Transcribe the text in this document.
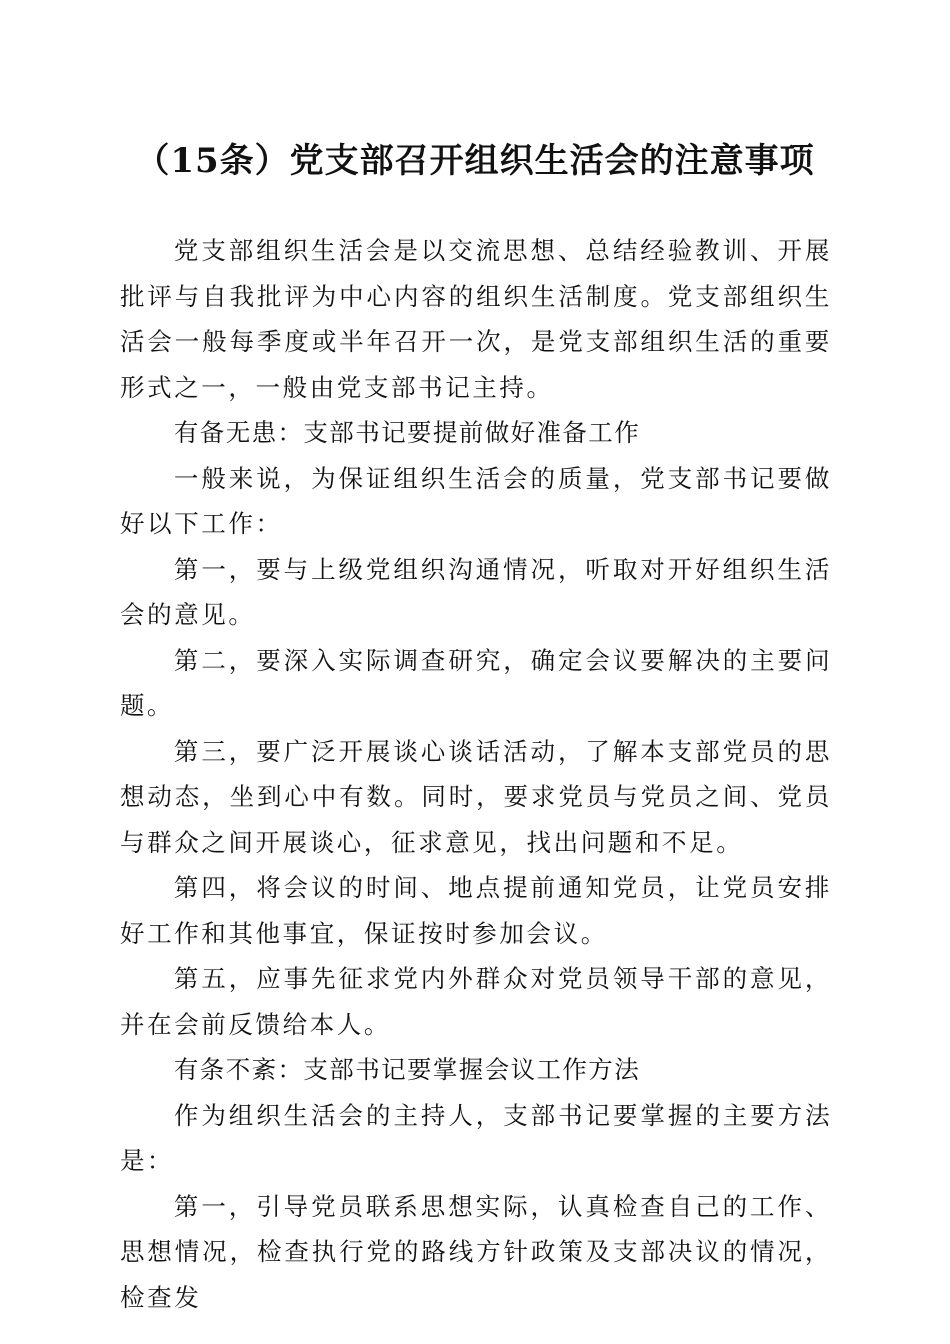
（15条）党支部召开组织生活会的注意事项

党支部组织生活会是以交流思想、总结经验教训、开展批评与自我批评为中心内容的组织生活制度。党支部组织生活会一般每季度或半年召开一次，是党支部组织生活的重要形式之一，一般由党支部书记主持。

有备无患：支部书记要提前做好准备工作

一般来说，为保证组织生活会的质量，党支部书记要做好以下工作：

第一，要与上级党组织沟通情况，听取对开好组织生活会的意见。

第二，要深入实际调查研究，确定会议要解决的主要问题。

第三，要广泛开展谈心谈话活动，了解本支部党员的思想动态，坐到心中有数。同时，要求党员与党员之间、党员与群众之间开展谈心，征求意见，找出问题和不足。

第四，将会议的时间、地点提前通知党员，让党员安排好工作和其他事宜，保证按时参加会议。

第五，应事先征求党内外群众对党员领导干部的意见，并在会前反馈给本人。

有条不紊：支部书记要掌握会议工作方法

作为组织生活会的主持人，支部书记要掌握的主要方法是：

第一，引导党员联系思想实际，认真检查自己的工作、思想情况，检查执行党的路线方针政策及支部决议的情况，检查发
